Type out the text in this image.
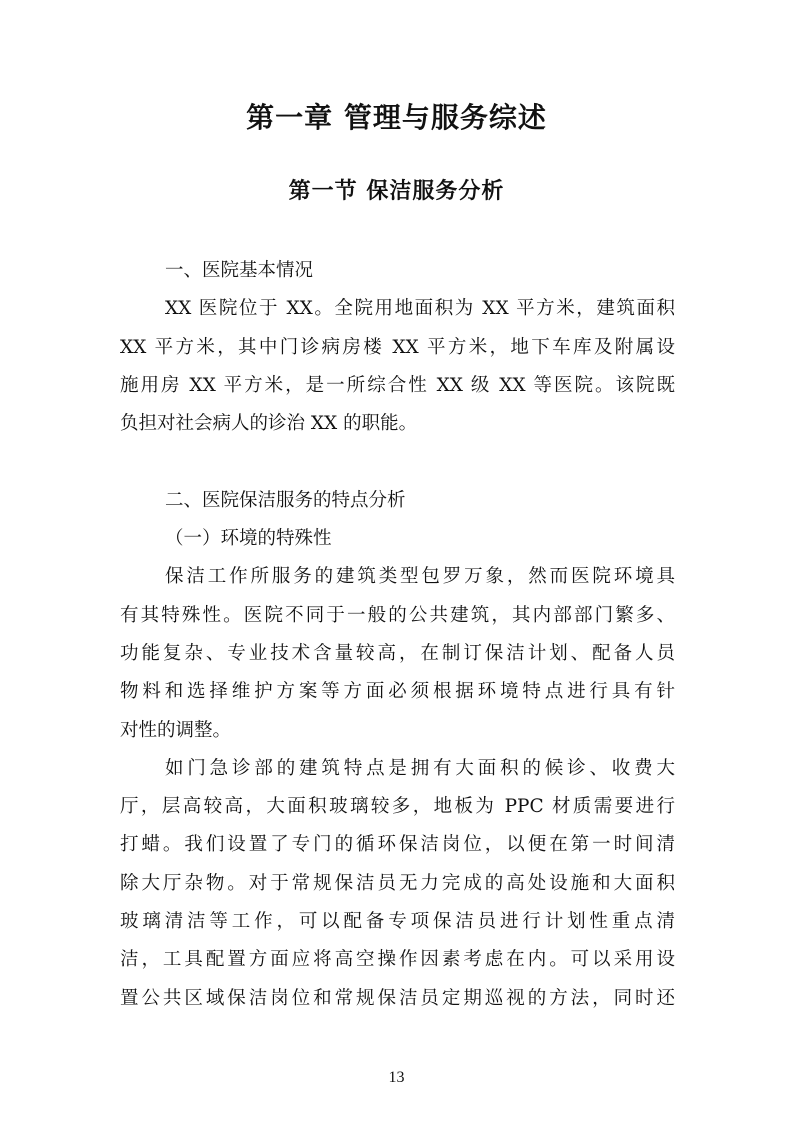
第一章 管理与服务综述
第一节 保洁服务分析
一、医院基本情况
XX 医院位于 XX。全院用地面积为 XX 平方米，建筑面积
XX 平方米，其中门诊病房楼 XX 平方米，地下车库及附属设
施用房 XX 平方米，是一所综合性 XX 级 XX 等医院。该院既
负担对社会病人的诊治 XX 的职能。
二、医院保洁服务的特点分析
（一）环境的特殊性
保洁工作所服务的建筑类型包罗万象，然而医院环境具
有其特殊性。医院不同于一般的公共建筑，其内部部门繁多、
功能复杂、专业技术含量较高，在制订保洁计划、配备人员
物料和选择维护方案等方面必须根据环境特点进行具有针
对性的调整。
如门急诊部的建筑特点是拥有大面积的候诊、收费大
厅，层高较高，大面积玻璃较多，地板为 PPC 材质需要进行
打蜡。我们设置了专门的循环保洁岗位，以便在第一时间清
除大厅杂物。对于常规保洁员无力完成的高处设施和大面积
玻璃清洁等工作，可以配备专项保洁员进行计划性重点清
洁，工具配置方面应将高空操作因素考虑在内。可以采用设
置公共区域保洁岗位和常规保洁员定期巡视的方法，同时还
13
